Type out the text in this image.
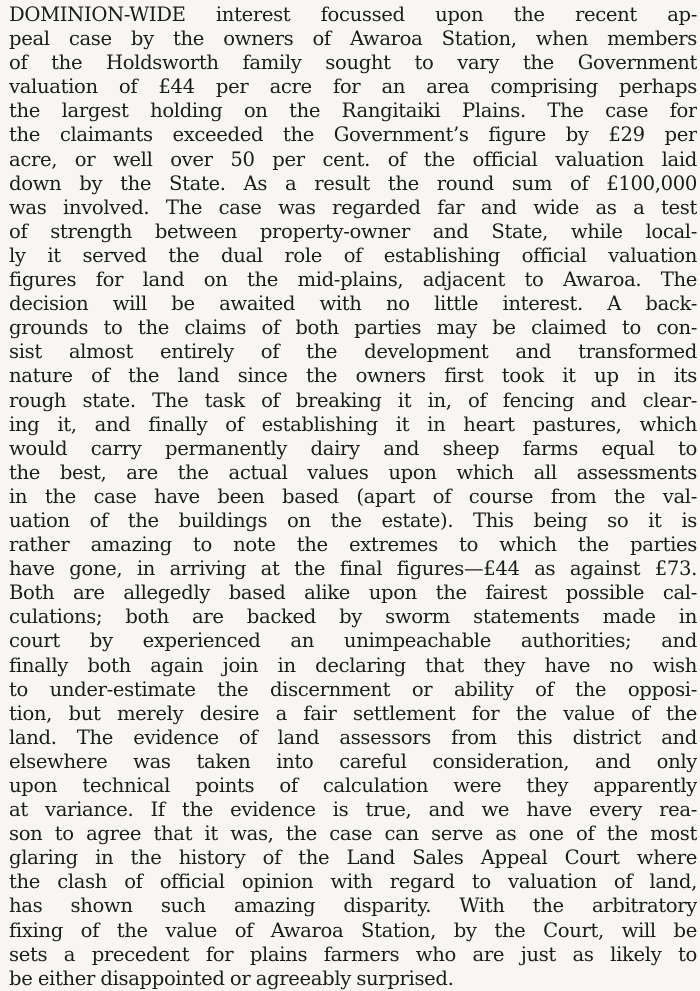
DOMINION-WIDE interest focussed upon the recent ap-
peal case by the owners of Awaroa Station, when members
of the Holdsworth family sought to vary the Government
valuation of £44 per acre for an area comprising perhaps
the largest holding on the Rangitaiki Plains. The case for
the claimants exceeded the Government’s figure by £29 per
acre, or well over 50 per cent. of the official valuation laid
down by the State. As a result the round sum of £100,000
was involved. The case was regarded far and wide as a test
of strength between property-owner and State, while local-
ly it served the dual role of establishing official valuation
figures for land on the mid-plains, adjacent to Awaroa. The
decision will be awaited with no little interest. A back-
grounds to the claims of both parties may be claimed to con-
sist almost entirely of the development and transformed
nature of the land since the owners first took it up in its
rough state. The task of breaking it in, of fencing and clear-
ing it, and finally of establishing it in heart pastures, which
would carry permanently dairy and sheep farms equal to
the best, are the actual values upon which all assessments
in the case have been based (apart of course from the val-
uation of the buildings on the estate). This being so it is
rather amazing to note the extremes to which the parties
have gone, in arriving at the final figures—£44 as against £73.
Both are allegedly based alike upon the fairest possible cal-
culations; both are backed by sworm statements made in
court by experienced an unimpeachable authorities; and
finally both again join in declaring that they have no wish
to under-estimate the discernment or ability of the opposi-
tion, but merely desire a fair settlement for the value of the
land. The evidence of land assessors from this district and
elsewhere was taken into careful consideration, and only
upon technical points of calculation were they apparently
at variance. If the evidence is true, and we have every rea-
son to agree that it was, the case can serve as one of the most
glaring in the history of the Land Sales Appeal Court where
the clash of official opinion with regard to valuation of land,
has shown such amazing disparity. With the arbitratory
fixing of the value of Awaroa Station, by the Court, will be
sets a precedent for plains farmers who are just as likely to
be either disappointed or agreeably surprised.
